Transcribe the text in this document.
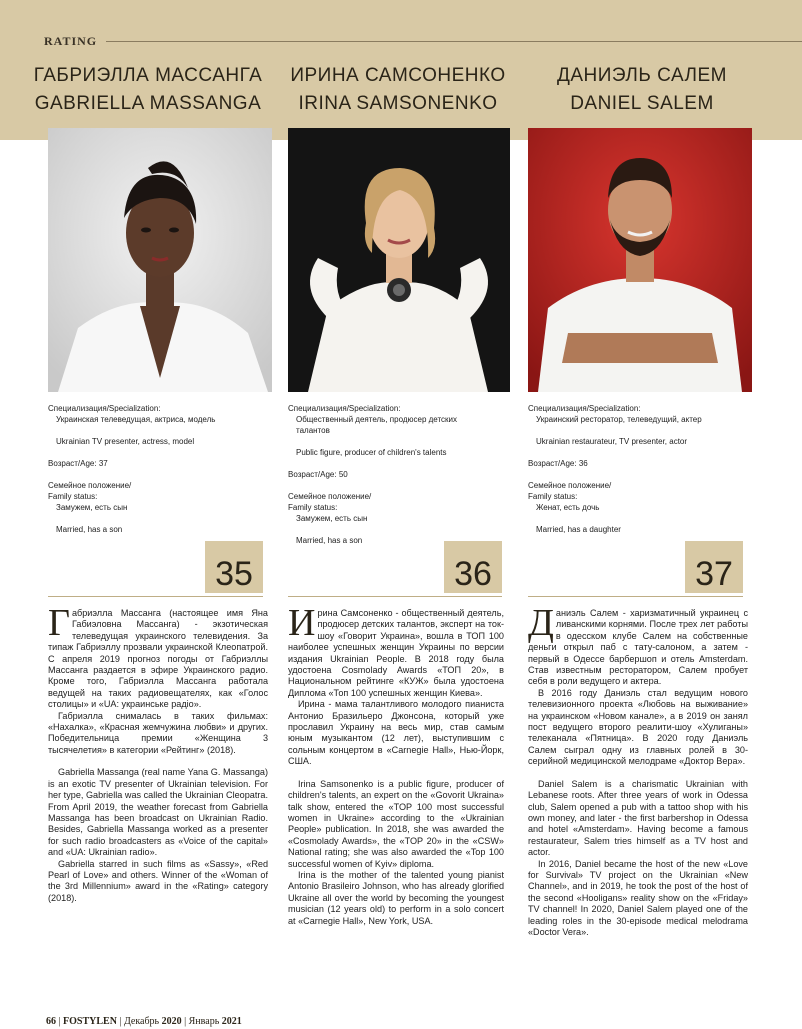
RATING
ГАБРИЭЛЛА МАССАНГА
GABRIELLA MASSANGA
ИРИНА САМСОНЕНКО
IRINA SAMSONENKO
ДАНИЭЛЬ САЛЕМ
DANIEL SALEM
Специализация/Specialization:
Украинская телеведущая, актриса, модель
Ukrainian TV presenter, actress, model
Возраст/Age: 37
Семейное положение/
Family status:
Замужем, есть сын
Married, has a son
Специализация/Specialization:
Общественный деятель, продюсер детских
талантов
Public figure, producer of children's talents
Возраст/Age: 50
Семейное положение/
Family status:
Замужем, есть сын
Married, has a son
Специализация/Specialization:
Украинский ресторатор, телеведущий, актер
Ukrainian restaurateur, TV presenter, actor
Возраст/Age: 36
Семейное положение/
Family status:
Женат, есть дочь
Married, has a daughter
35	36	37

Габриэлла Массанга (настоящее имя Яна Габиэловна Массанга) - экзотическая телеведущая украинского телевидения. За типаж Габриэллу прозвали украинской Клеопатрой. С апреля 2019 прогноз погоды от Габриэллы Массанга раздается в эфире Украинского радио. Кроме того, Габриэлла Массанга работала ведущей на таких радиовещателях, как «Голос столицы» и «UA: украинське радіо».

Габриэлла снималась в таких фильмах: «Нахалка», «Красная жемчужина любви» и других. Победительница премии «Женщина 3 тысячелетия» в категории «Рейтинг» (2018).

Gabriella Massanga (real name Yana G. Massanga) is an exotic TV presenter of Ukrainian television. For her type, Gabriella was called the Ukrainian Cleopatra. From April 2019, the weather forecast from Gabriella Massanga has been broadcast on Ukrainian Radio. Besides, Gabriella Massanga worked as a presenter for such radio broadcasters as «Voice of the capital» and «UA: Ukrainian radio».

Gabriella starred in such films as «Sassy», «Red Pearl of Love» and others. Winner of the «Woman of the 3rd Millennium» award in the «Rating» category (2018).

Ирина Самсоненко - общественный деятель, продюсер детских талантов, эксперт на ток-шоу «Говорит Украина», вошла в ТОП 100 наиболее успешных женщин Украины по версии издания Ukrainian People. В 2018 году была удостоена Cosmolady Awards «ТОП 20», в Национальном рейтинге «КУЖ» была удостоена Диплома «Топ 100 успешных женщин Киева».

Ирина - мама талантливого молодого пианиста Антонио Бразильеро Джонсона, который уже прославил Украину на весь мир, став самым юным музыкантом (12 лет), выступившим с сольным концертом в «Carnegie Hall», Нью-Йорк, США.

Irina Samsonenko is a public figure, producer of children's talents, an expert on the «Govorit Ukraina» talk show, entered the «TOP 100 most successful women in Ukraine» according to the «Ukrainian People» publication. In 2018, she was awarded the «Cosmolady Awards», the «TOP 20» in the «CSW» National rating; she was also awarded the «Top 100 successful women of Kyiv» diploma.

Irina is the mother of the talented young pianist Antonio Brasileiro Johnson, who has already glorified Ukraine all over the world by becoming the youngest musician (12 years old) to perform in a solo concert at «Carnegie Hall», New York, USA.

Даниэль Салем - харизматичный украинец с ливанскими корнями. После трех лет работы в одесском клубе Салем на собственные деньги открыл паб с тату-салоном, а затем - первый в Одессе барбершоп и отель Amsterdam. Став известным ресторатором, Салем пробует себя в роли ведущего и актера.

В 2016 году Даниэль стал ведущим нового телевизионного проекта «Любовь на выживание» на украинском «Новом канале», а в 2019 он занял пост ведущего второго реалити-шоу «Хулиганы» телеканала «Пятница». В 2020 году Даниэль Салем сыграл одну из главных ролей в 30-серийной медицинской мелодраме «Доктор Вера».

Daniel Salem is a charismatic Ukrainian with Lebanese roots. After three years of work in Odessa club, Salem opened a pub with a tattoo shop with his own money, and later - the first barbershop in Odessa and hotel «Amsterdam». Having become a famous restaurateur, Salem tries himself as a TV host and actor.

In 2016, Daniel became the host of the new «Love for Survival» TV project on the Ukrainian «New Channel», and in 2019, he took the post of the host of the second «Hooligans» reality show on the «Friday» TV channel! In 2020, Daniel Salem played one of the leading roles in the 30-episode medical melodrama «Doctor Vera».

66 | FOSTYLEN | Декабрь 2020 | Январь 2021
